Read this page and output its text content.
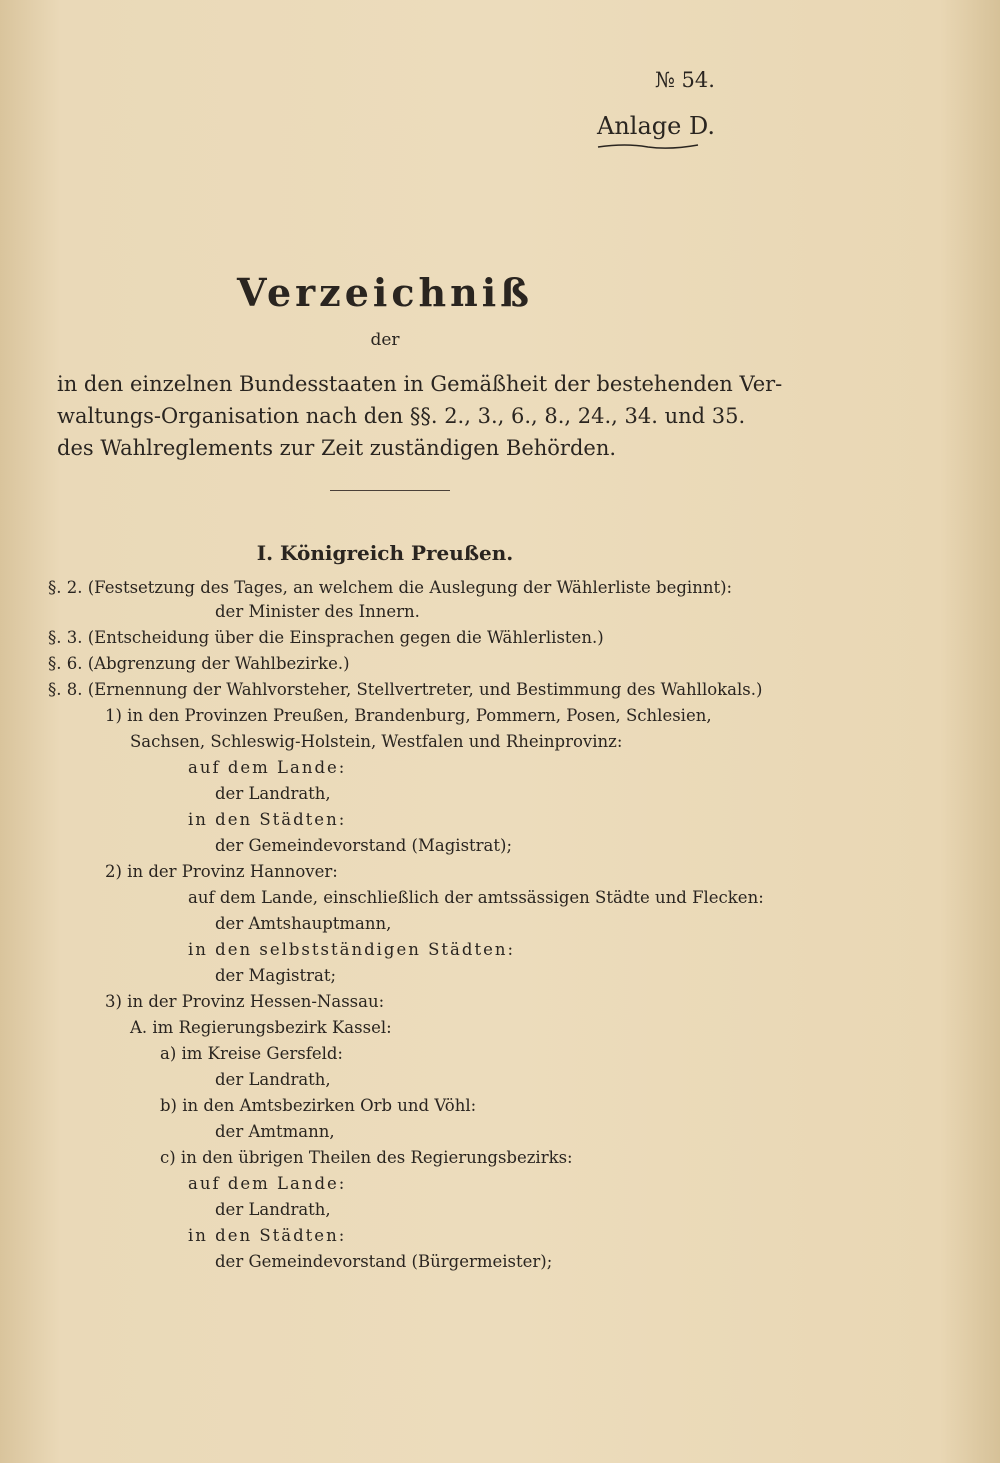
№ 54.
Anlage D.
Verzeichniß
der
in den einzelnen Bundesstaaten in Gemäßheit der bestehenden Ver-
waltungs-Organisation nach den §§. 2., 3., 6., 8., 24., 34. und 35.
des Wahlreglements zur Zeit zuständigen Behörden.
I. Königreich Preußen.
§. 2. (Festsetzung des Tages, an welchem die Auslegung der Wählerliste beginnt):
der Minister des Innern.
§. 3. (Entscheidung über die Einsprachen gegen die Wählerlisten.)
§. 6. (Abgrenzung der Wahlbezirke.)
§. 8. (Ernennung der Wahlvorsteher, Stellvertreter, und Bestimmung des Wahllokals.)
1) in den Provinzen Preußen, Brandenburg, Pommern, Posen, Schlesien,
Sachsen, Schleswig-Holstein, Westfalen und Rheinprovinz:
auf dem Lande:
der Landrath,
in den Städten:
der Gemeindevorstand (Magistrat);
2) in der Provinz Hannover:
auf dem Lande, einschließlich der amtssässigen Städte und Flecken:
der Amtshauptmann,
in den selbstständigen Städten:
der Magistrat;
3) in der Provinz Hessen-Nassau:
A. im Regierungsbezirk Kassel:
a) im Kreise Gersfeld:
der Landrath,
b) in den Amtsbezirken Orb und Vöhl:
der Amtmann,
c) in den übrigen Theilen des Regierungsbezirks:
auf dem Lande:
der Landrath,
in den Städten:
der Gemeindevorstand (Bürgermeister);
